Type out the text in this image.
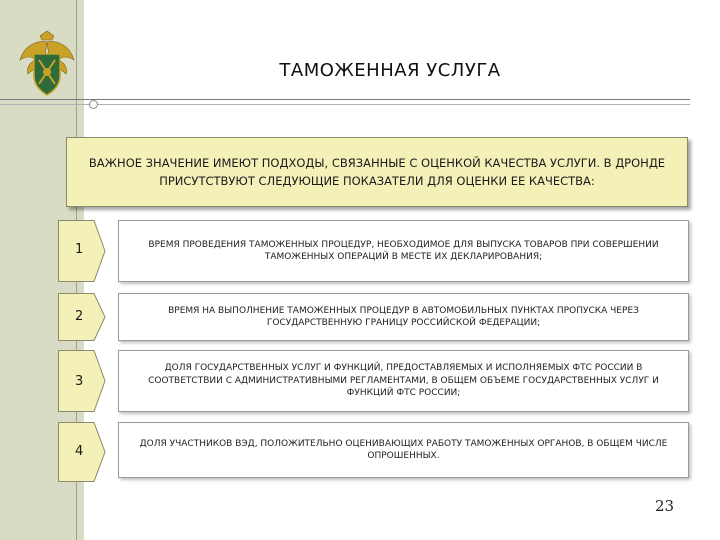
ТАМОЖЕННАЯ УСЛУГА
ВАЖНОЕ ЗНАЧЕНИЕ ИМЕЮТ ПОДХОДЫ, СВЯЗАННЫЕ С ОЦЕНКОЙ КАЧЕСТВА УСЛУГИ. В ДРОНДЕ ПРИСУТСТВУЮТ СЛЕДУЮЩИЕ ПОКАЗАТЕЛИ ДЛЯ ОЦЕНКИ ЕЕ КАЧЕСТВА:
1	ВРЕМЯ ПРОВЕДЕНИЯ ТАМОЖЕННЫХ ПРОЦЕДУР, НЕОБХОДИМОЕ ДЛЯ ВЫПУСКА ТОВАРОВ ПРИ СОВЕРШЕНИИ ТАМОЖЕННЫХ ОПЕРАЦИЙ В МЕСТЕ ИХ ДЕКЛАРИРОВАНИЯ;
2	ВРЕМЯ НА ВЫПОЛНЕНИЕ ТАМОЖЕННЫХ ПРОЦЕДУР В АВТОМОБИЛЬНЫХ ПУНКТАХ ПРОПУСКА ЧЕРЕЗ ГОСУДАРСТВЕННУЮ ГРАНИЦУ РОССИЙСКОЙ ФЕДЕРАЦИИ;
3
ДОЛЯ ГОСУДАРСТВЕННЫХ УСЛУГ И ФУНКЦИЙ, ПРЕДОСТАВЛЯЕМЫХ И ИСПОЛНЯЕМЫХ ФТС РОССИИ В СООТВЕТСТВИИ С АДМИНИСТРАТИВНЫМИ РЕГЛАМЕНТАМИ, В ОБЩЕМ ОБЪЕМЕ ГОСУДАРСТВЕННЫХ УСЛУГ И ФУНКЦИЙ ФТС РОССИИ;
4
ДОЛЯ УЧАСТНИКОВ ВЭД, ПОЛОЖИТЕЛЬНО ОЦЕНИВАЮЩИХ РАБОТУ ТАМОЖЕННЫХ ОРГАНОВ, В ОБЩЕМ ЧИСЛЕ ОПРОШЕННЫХ.
23
